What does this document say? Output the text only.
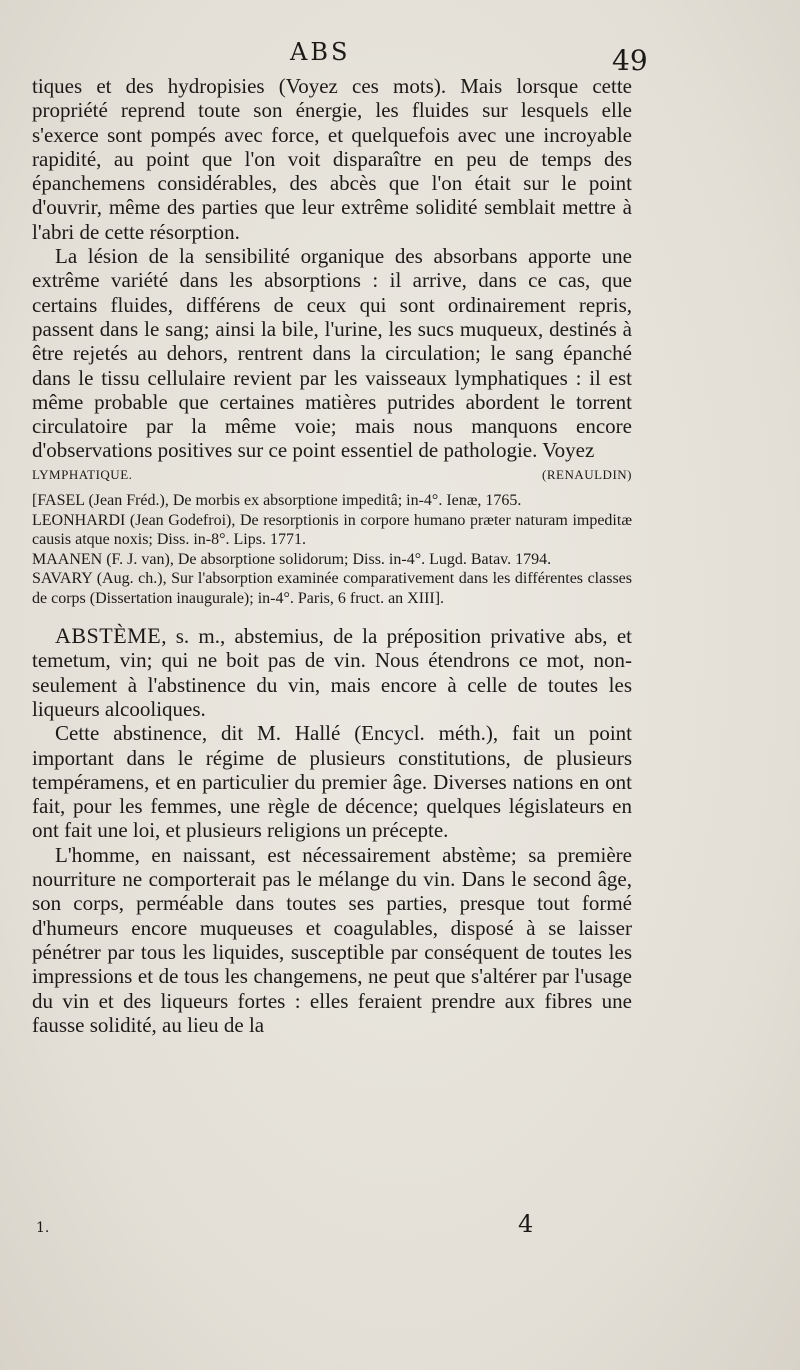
ABS	49

tiques et des hydropisies (Voyez ces mots). Mais lorsque cette propriété reprend toute son énergie, les fluides sur lesquels elle s'exerce sont pompés avec force, et quelquefois avec une incroyable rapidité, au point que l'on voit disparaître en peu de temps des épanchemens considérables, des abcès que l'on était sur le point d'ouvrir, même des parties que leur extrême solidité semblait mettre à l'abri de cette résorption.

La lésion de la sensibilité organique des absorbans apporte une extrême variété dans les absorptions : il arrive, dans ce cas, que certains fluides, différens de ceux qui sont ordinairement repris, passent dans le sang; ainsi la bile, l'urine, les sucs muqueux, destinés à être rejetés au dehors, rentrent dans la circulation; le sang épanché dans le tissu cellulaire revient par les vaisseaux lymphatiques : il est même probable que certaines matières putrides abordent le torrent circulatoire par la même voie; mais nous manquons encore d'observations positives sur ce point essentiel de pathologie. Voyez

LYMPHATIQUE.	(RENAULDIN)

[FASEL (Jean Fréd.), De morbis ex absorptione impeditâ; in-4°. Ienæ, 1765.

LEONHARDI (Jean Godefroi), De resorptionis in corpore humano præter naturam impeditæ causis atque noxis; Diss. in-8°. Lips. 1771.

MAANEN (F. J. van), De absorptione solidorum; Diss. in-4°. Lugd. Batav. 1794.

SAVARY (Aug. ch.), Sur l'absorption examinée comparativement dans les différentes classes de corps (Dissertation inaugurale); in-4°. Paris, 6 fruct. an XIII].

ABSTÈME, s. m., abstemius, de la préposition privative abs, et temetum, vin; qui ne boit pas de vin. Nous étendrons ce mot, non-seulement à l'abstinence du vin, mais encore à celle de toutes les liqueurs alcooliques.

Cette abstinence, dit M. Hallé (Encycl. méth.), fait un point important dans le régime de plusieurs constitutions, de plusieurs tempéramens, et en particulier du premier âge. Diverses nations en ont fait, pour les femmes, une règle de décence; quelques législateurs en ont fait une loi, et plusieurs religions un précepte.

L'homme, en naissant, est nécessairement abstème; sa première nourriture ne comporterait pas le mélange du vin. Dans le second âge, son corps, perméable dans toutes ses parties, presque tout formé d'humeurs encore muqueuses et coagulables, disposé à se laisser pénétrer par tous les liquides, susceptible par conséquent de toutes les impressions et de tous les changemens, ne peut que s'altérer par l'usage du vin et des liqueurs fortes : elles feraient prendre aux fibres une fausse solidité, au lieu de la

1.	4
